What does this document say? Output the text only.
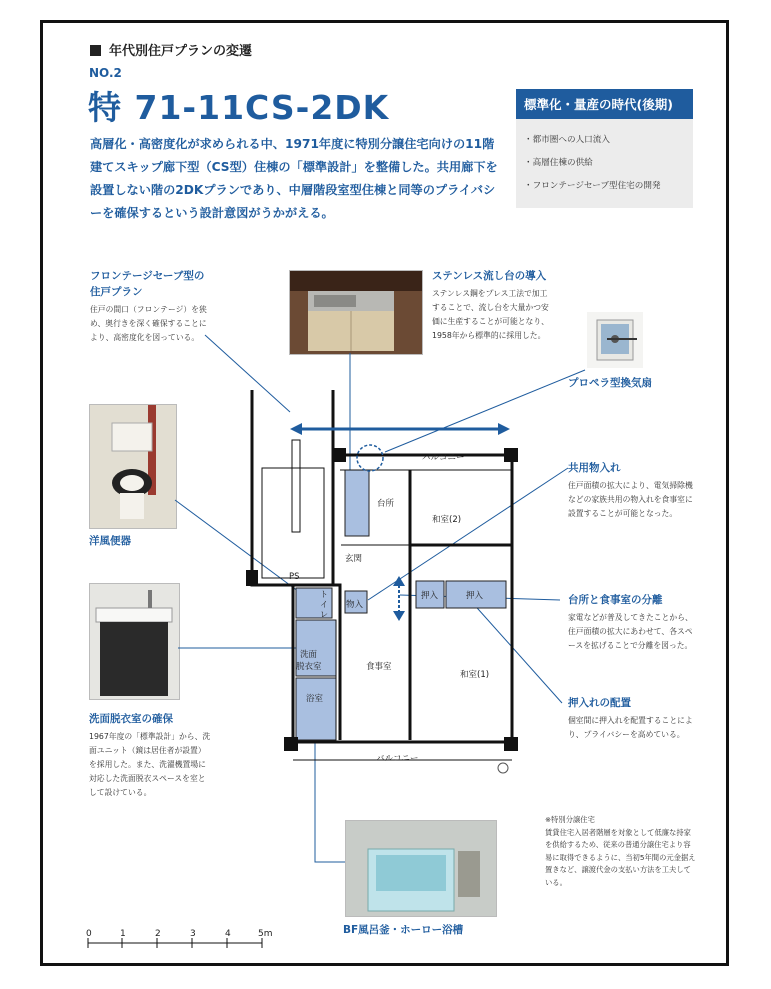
年代別住戸プランの変遷
NO.2
特 71-11CS-2DK
高層化・高密度化が求められる中、1971年度に特別分譲住宅向けの11階建てスキップ廊下型（CS型）住棟の「標準設計」を整備した。共用廊下を設置しない階の2DKプランであり、中層階段室型住棟と同等のプライバシーを確保するという設計意図がうかがえる。
標準化・量産の時代(後期)
・都市圏への人口流入
・高層住棟の供給
・フロンテージセーブ型住宅の開発
バルコニー
台所
和室(2)
玄関
PS
物入
押入	押入
トイレ
洗面
脱衣室	食事室
和室(1)
浴室
バルコニー
フロンテージセーブ型の住戸プラン
住戸の間口（フロンテージ）を狭め、奥行きを深く確保することにより、高密度化を図っている。
ステンレス流し台の導入
ステンレス鋼をプレス工法で加工することで、流し台を大量かつ安価に生産することが可能となり、1958年から標準的に採用した。
プロペラ型換気扇
洋風便器
共用物入れ
住戸面積の拡大により、電気掃除機などの家族共用の物入れを食事室に設置することが可能となった。
台所と食事室の分離
家電などが普及してきたことから、住戸面積の拡大にあわせて、各スペースを拡げることで分離を図った。
洗面脱衣室の確保
1967年度の「標準設計」から、洗面ユニット（鏡は居住者が設置）を採用した。また、洗濯機置場に対応した洗面脱衣スペースを室として設けている。
押入れの配置
個室間に押入れを配置することにより、プライバシーを高めている。
BF風呂釜・ホーロー浴槽
0	1	2	3	4	5m
※特別分譲住宅
賃貸住宅入居者階層を対象として低廉な持家を供給するため、従来の普通分譲住宅より容易に取得できるように、当初5年間の元金据え置きなど、譲渡代金の支払い方法を工夫している。
